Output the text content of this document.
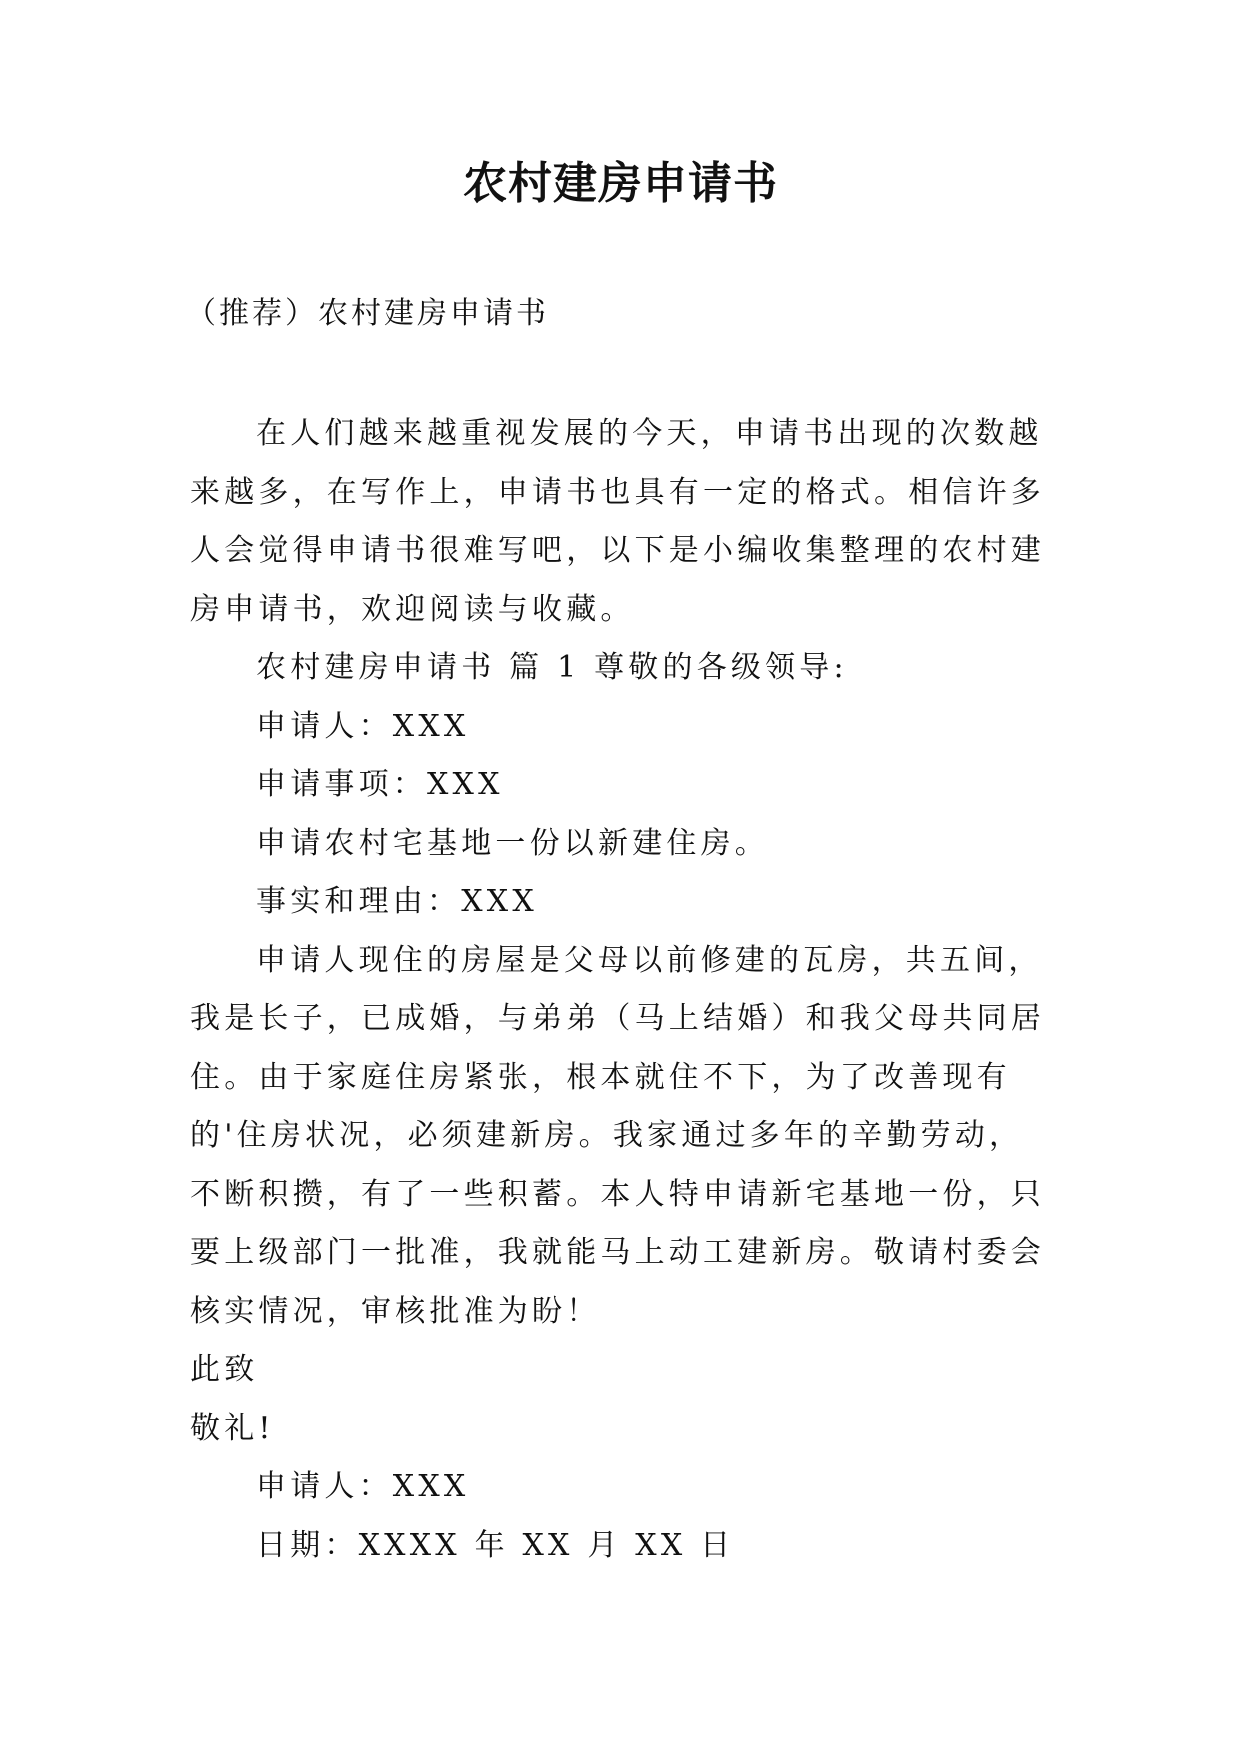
农村建房申请书
（推荐）农村建房申请书

在人们越来越重视发展的今天，申请书出现的次数越来越多，在写作上，申请书也具有一定的格式。相信许多人会觉得申请书很难写吧，以下是小编收集整理的农村建房申请书，欢迎阅读与收藏。

农村建房申请书 篇 1 尊敬的各级领导:

申请人：XXX

申请事项：XXX

申请农村宅基地一份以新建住房。

事实和理由：XXX

申请人现住的房屋是父母以前修建的瓦房，共五间，我是长子，已成婚，与弟弟（马上结婚）和我父母共同居住。由于家庭住房紧张，根本就住不下，为了改善现有的'住房状况，必须建新房。我家通过多年的辛勤劳动，不断积攒，有了一些积蓄。本人特申请新宅基地一份，只要上级部门一批准，我就能马上动工建新房。敬请村委会核实情况，审核批准为盼！

此致

敬礼!

申请人：XXX

日期：XXXX 年 XX 月 XX 日
